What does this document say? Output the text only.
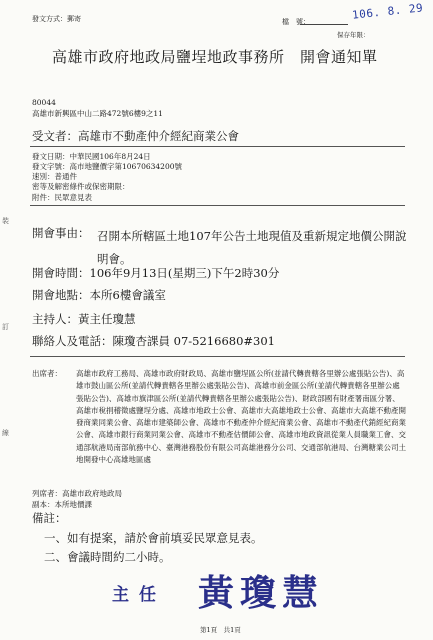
發文方式：郵寄	檔　號：
保存年限：
106. 8. 29
高雄市政府地政局鹽埕地政事務所　開會通知單
80044
高雄市新興區中山二路472號6樓9之11
受文者：高雄市不動產仲介經紀商業公會
發文日期：中華民國106年8月24日
發文字號：高市地鹽價字第10670634200號
速別：普通件
密等及解密條件或保密期限：
附件：民眾意見表
裝
訂
線
開會事由： 召開本所轄區土地107年公告土地現值及重新規定地價公開說明會。
開會時間：106年9月13日(星期三)下午2時30分
開會地點：本所6樓會議室
主持人：黃主任瓊慧
聯絡人及電話：陳瓊杏課員 07-5216680#301
出席者： 高雄市政府工務局、高雄市政府財政局、高雄市鹽埕區公所(並請代轉貴轄各里辦公處張貼公告)、高雄市鼓山區公所(並請代轉貴轄各里辦公處張貼公告)、高雄市前金區公所(並請代轉貴轄各里辦公處張貼公告)、高雄市旗津區公所(並請代轉貴轄各里辦公處張貼公告)、財政部國有財產署南區分署、高雄市稅捐稽徵處鹽埕分處、高雄市地政士公會、高雄市大高雄地政士公會、高雄市大高雄不動產開發商業同業公會、高雄市建築師公會、高雄市不動產仲介經紀商業公會、高雄市不動產代銷經紀商業公會、高雄市銀行商業同業公會、高雄市不動產估價師公會、高雄市地政資訊從業人員職業工會、交通部航港局南部航務中心、臺灣港務股份有限公司高雄港務分公司、交通部航港局、台灣糖業公司土地開發中心高雄地區處
列席者：高雄市政府地政局
副本：本所地價課
備註：
一、如有提案，請於會前填妥民眾意見表。
二、會議時間約二小時。
主任 黃瓊慧
第1頁　共1頁
